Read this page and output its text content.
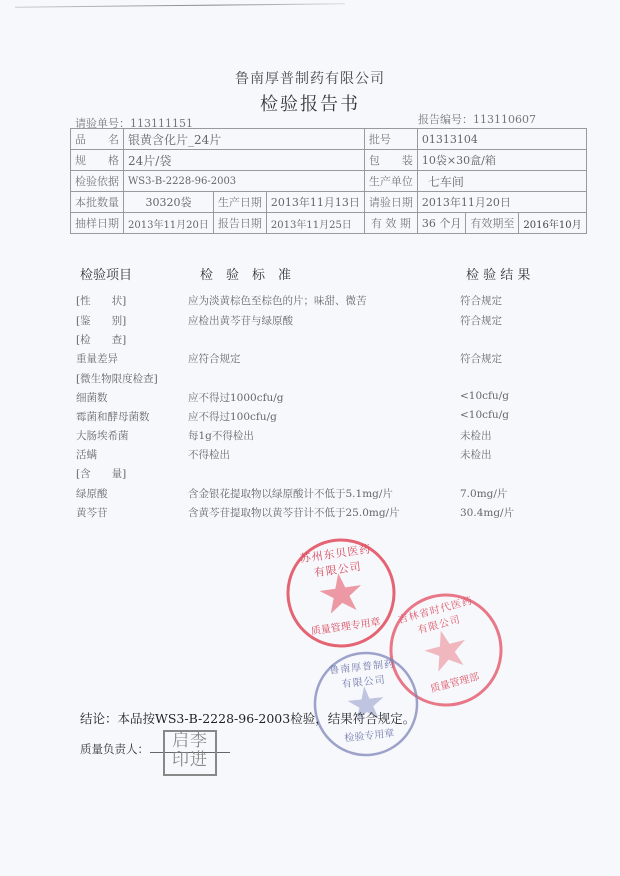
鲁南厚普制药有限公司
检验报告书
请验单号：113111151	报告编号：113110607
品　　名	银黄含化片_24片			批号	01313104		
规　　格	24片/袋			包　　装	10袋×30盒/箱		
检验依据	WS3-B-2228-96-2003			生产单位	七车间		
本批数量	30320袋	生产日期	2013年11月13日	请验日期	2013年11月20日		
抽样日期	2013年11月20日	报告日期	2013年11月25日	有 效 期	36 个月	有效期至	2016年10月
检验项目	检　验　标　准	检 验 结 果
[性　　状]	应为淡黄棕色至棕色的片；味甜、微苦	符合规定
[鉴　　别]	应检出黄芩苷与绿原酸	符合规定
[检　　查]
重量差异	应符合规定	符合规定
[微生物限度检查]
细菌数	应不得过1000cfu/g	<10cfu/g
霉菌和酵母菌数	应不得过100cfu/g	<10cfu/g
大肠埃希菌	每1g不得检出	未检出
活螨	不得检出	未检出
[含　　量]
绿原酸	含金银花提取物以绿原酸计不低于5.1mg/片	7.0mg/片
黄芩苷	含黄芩苷提取物以黄芩苷计不低于25.0mg/片	30.4mg/片
苏州东贝医药有限公司
质量管理专用章
吉林省时代医药有限公司
质量管理部
鲁南厚普制药有限公司
检验专用章
结论：本品按WS3-B-2228-96-2003检验，结果符合规定。
质量负责人：	启李印进
